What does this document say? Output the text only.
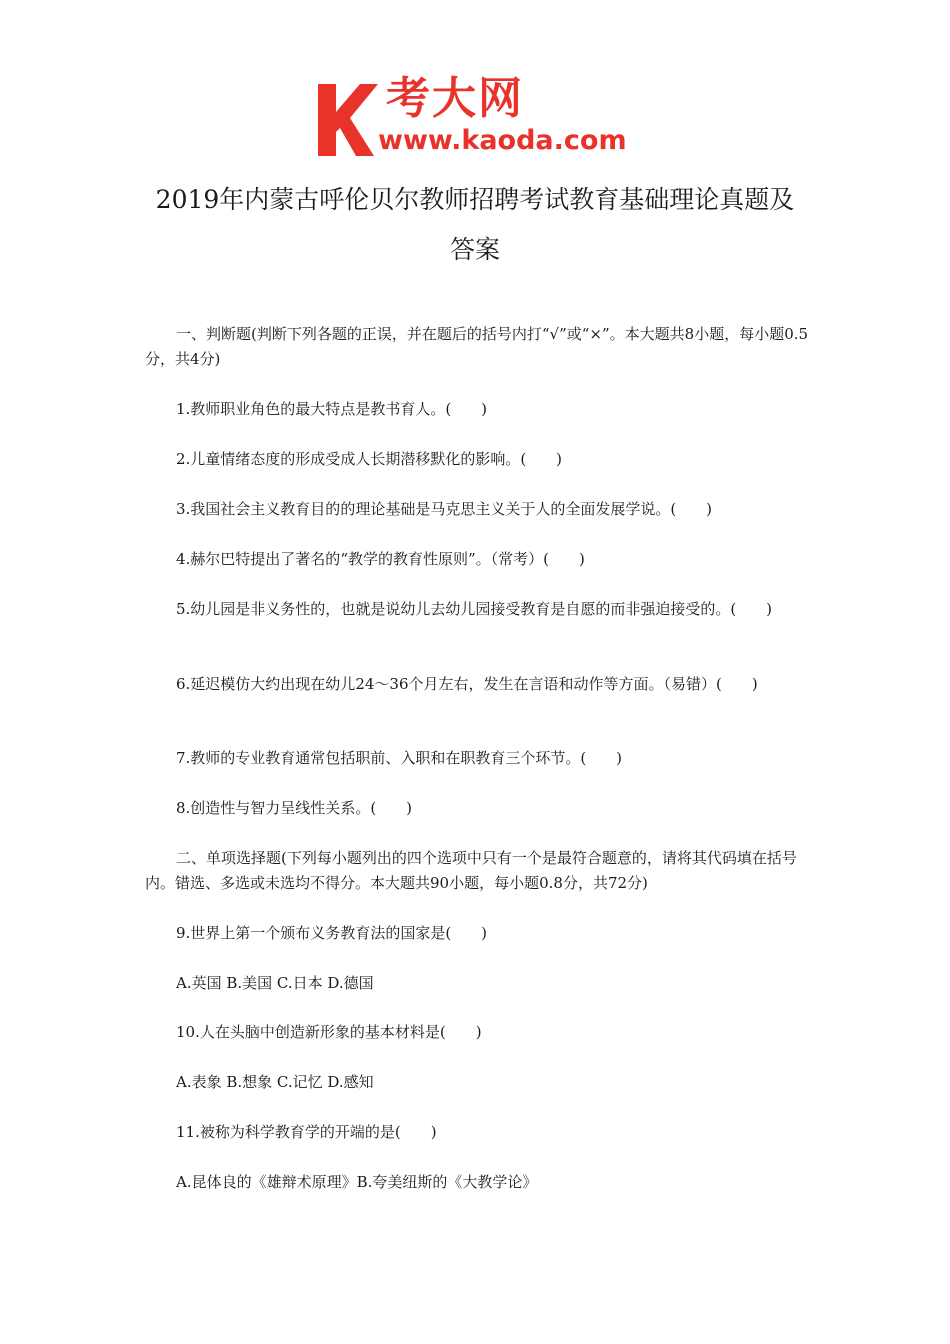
考大网
www.kaoda.com
2019年内蒙古呼伦贝尔教师招聘考试教育基础理论真题及
答案

一、判断题(判断下列各题的正误，并在题后的括号内打“√”或“×”。本大题共8小题，每小题0.5分，共4分)

1.教师职业角色的最大特点是教书育人。(　　)

2.儿童情绪态度的形成受成人长期潜移默化的影响。(　　)

3.我国社会主义教育目的的理论基础是马克思主义关于人的全面发展学说。(　　)

4.赫尔巴特提出了著名的“教学的教育性原则”。（常考）(　　)

5.幼儿园是非义务性的，也就是说幼儿去幼儿园接受教育是自愿的而非强迫接受的。(　　)

6.延迟模仿大约出现在幼儿24～36个月左右，发生在言语和动作等方面。（易错）(　　)

7.教师的专业教育通常包括职前、入职和在职教育三个环节。(　　)

8.创造性与智力呈线性关系。(　　)

二、单项选择题(下列每小题列出的四个选项中只有一个是最符合题意的，请将其代码填在括号内。错选、多选或未选均不得分。本大题共90小题，每小题0.8分，共72分)

9.世界上第一个颁布义务教育法的国家是(　　)

A.英国 B.美国 C.日本 D.德国

10.人在头脑中创造新形象的基本材料是(　　)

A.表象 B.想象 C.记忆 D.感知

11.被称为科学教育学的开端的是(　　)

A.昆体良的《雄辩术原理》B.夸美纽斯的《大教学论》
